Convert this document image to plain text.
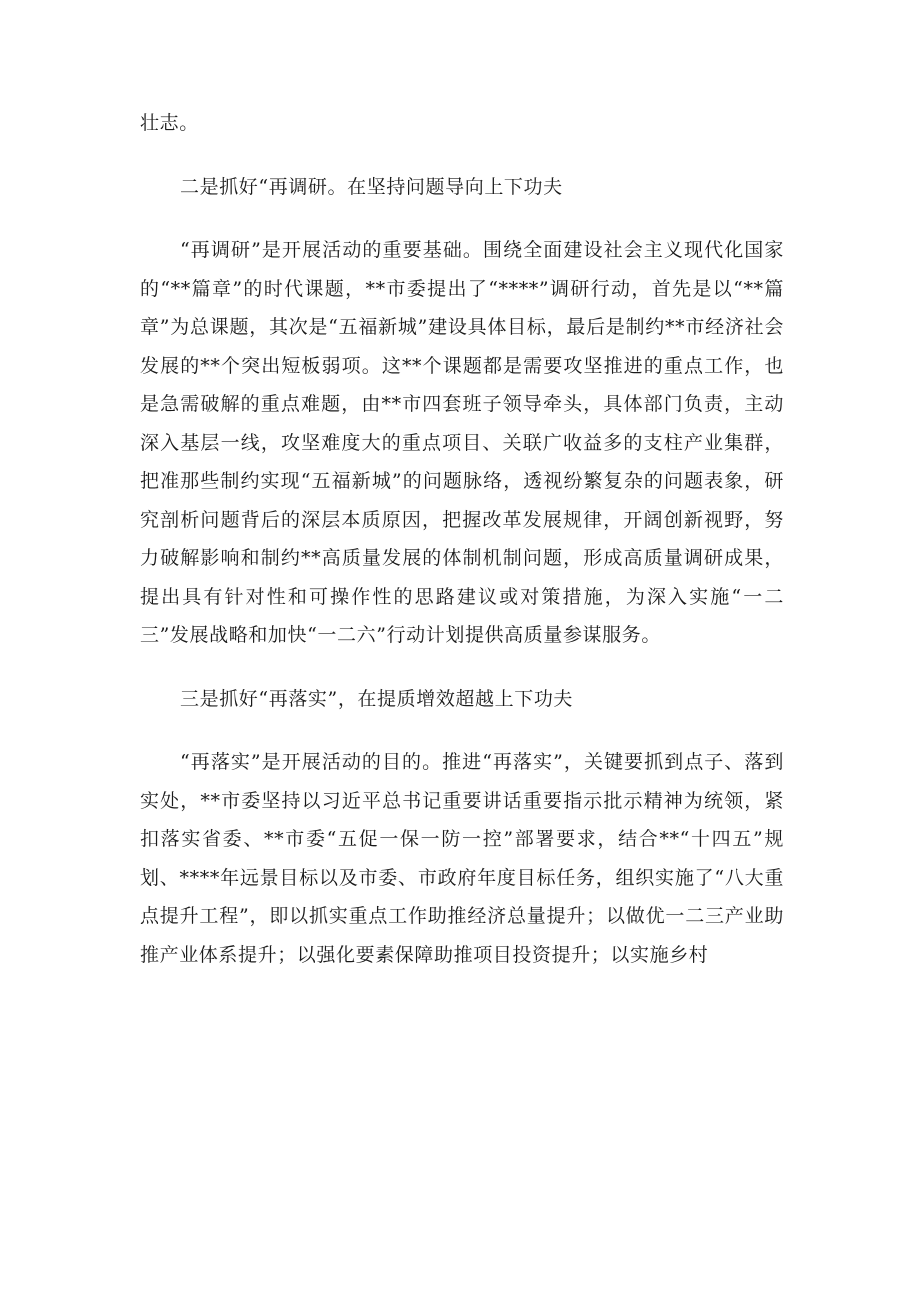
壮志。

二是抓好“再调研。在坚持问题导向上下功夫

“再调研”是开展活动的重要基础。围绕全面建设社会主义现代化国家的“**篇章”的时代课题，**市委提出了“****”调研行动，首先是以“**篇章”为总课题，其次是“五福新城”建设具体目标，最后是制约**市经济社会发展的**个突出短板弱项。这**个课题都是需要攻坚推进的重点工作，也是急需破解的重点难题，由**市四套班子领导牵头，具体部门负责，主动深入基层一线，攻坚难度大的重点项目、关联广收益多的支柱产业集群，把准那些制约实现“五福新城”的问题脉络，透视纷繁复杂的问题表象，研究剖析问题背后的深层本质原因，把握改革发展规律，开阔创新视野，努力破解影响和制约**高质量发展的体制机制问题，形成高质量调研成果，提出具有针对性和可操作性的思路建议或对策措施，为深入实施“一二三”发展战略和加快“一二六”行动计划提供高质量参谋服务。

三是抓好“再落实”，在提质增效超越上下功夫

“再落实”是开展活动的目的。推进“再落实”，关键要抓到点子、落到实处，**市委坚持以习近平总书记重要讲话重要指示批示精神为统领，紧扣落实省委、**市委“五促一保一防一控”部署要求，结合**“十四五”规划、****年远景目标以及市委、市政府年度目标任务，组织实施了“八大重点提升工程”，即以抓实重点工作助推经济总量提升；以做优一二三产业助推产业体系提升；以强化要素保障助推项目投资提升；以实施乡村
